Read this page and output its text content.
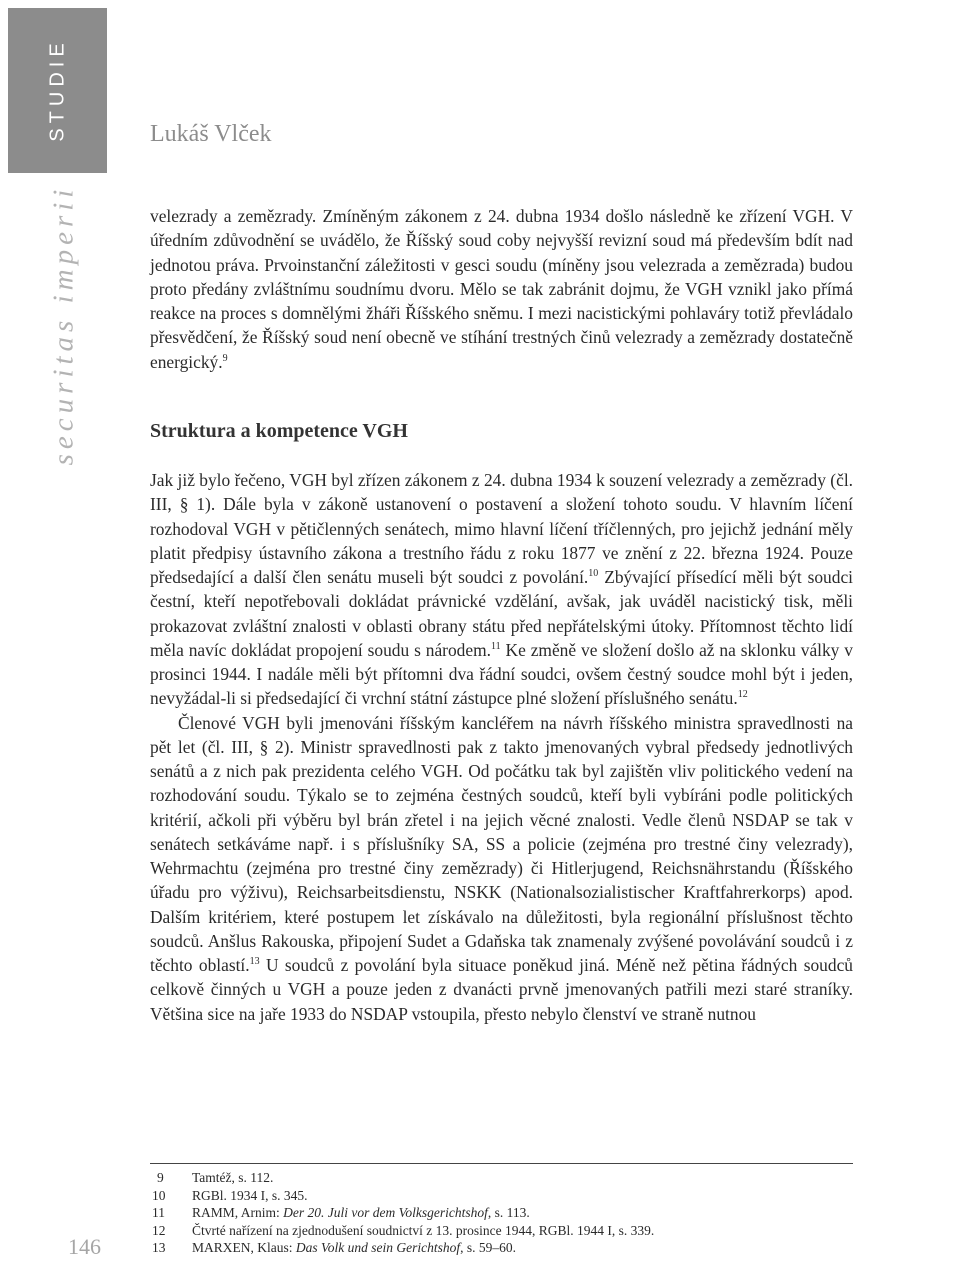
STUDIE
securitas imperii
146
Lukáš Vlček

velezrady a zemězrady. Zmíněným zákonem z 24. dubna 1934 došlo následně ke zřízení VGH. V úředním zdůvodnění se uvádělo, že Říšský soud coby nejvyšší revizní soud má především bdít nad jednotou práva. Prvoinstanční záležitosti v gesci soudu (míněny jsou velezrada a zemězrada) budou proto předány zvláštnímu soudnímu dvoru. Mělo se tak zabránit dojmu, že VGH vznikl jako přímá reakce na proces s domnělými žháři Říšského sněmu. I mezi nacistickými pohlaváry totiž převládalo přesvědčení, že Říšský soud není obecně ve stíhání trestných činů velezrady a zemězrady dostatečně energický.$^9$

Struktura a kompetence VGH

Jak již bylo řečeno, VGH byl zřízen zákonem z 24. dubna 1934 k souzení velezrady a zemězrady (čl. III, § 1). Dále byla v zákoně ustanovení o postavení a složení tohoto soudu. V hlavním líčení rozhodoval VGH v pětičlenných senátech, mimo hlavní líčení tříčlenných, pro jejichž jednání měly platit předpisy ústavního zákona a trestního řádu z roku 1877 ve znění z 22. března 1924. Pouze předsedající a další člen senátu museli být soudci z povolání.$^{10}$ Zbývající přísedící měli být soudci čestní, kteří nepotřebovali dokládat právnické vzdělání, avšak, jak uváděl nacistický tisk, měli prokazovat zvláštní znalosti v oblasti obrany státu před nepřátelskými útoky. Přítomnost těchto lidí měla navíc dokládat propojení soudu s národem.$^{11}$ Ke změně ve složení došlo až na sklonku války v prosinci 1944. I nadále měli být přítomni dva řádní soudci, ovšem čestný soudce mohl být i jeden, nevyžádal-li si předsedající či vrchní státní zástupce plné složení příslušného senátu.$^{12}$

Členové VGH byli jmenováni říšským kancléřem na návrh říšského ministra spravedlnosti na pět let (čl. III, § 2). Ministr spravedlnosti pak z takto jmenovaných vybral předsedy jednotlivých senátů a z nich pak prezidenta celého VGH. Od počátku tak byl zajištěn vliv politického vedení na rozhodování soudu. Týkalo se to zejména čestných soudců, kteří byli vybíráni podle politických kritérií, ačkoli při výběru byl brán zřetel i na jejich věcné znalosti. Vedle členů NSDAP se tak v senátech setkáváme např. i s příslušníky SA, SS a policie (zejména pro trestné činy velezrady), Wehrmachtu (zejména pro trestné činy zemězrady) či Hitlerjugend, Reichsnährstandu (Říšského úřadu pro výživu), Reichsarbeitsdienstu, NSKK (Nationalsozialistischer Kraftfahrerkorps) apod. Dalším kritériem, které postupem let získávalo na důležitosti, byla regionální příslušnost těchto soudců. Anšlus Rakouska, připojení Sudet a Gdaňska tak znamenaly zvýšené povolávání soudců i z těchto oblastí.$^{13}$ U soudců z povolání byla situace poněkud jiná. Méně než pětina řádných soudců celkově činných u VGH a pouze jeden z dvanácti prvně jmenovaných patřili mezi staré straníky. Většina sice na jaře 1933 do NSDAP vstoupila, přesto nebylo členství ve straně nutnou

9	Tamtéž, s. 112.
10	RGBl. 1934 I, s. 345.
11	RAMM, Arnim: Der 20. Juli vor dem Volksgerichtshof, s. 113.
12	Čtvrté nařízení na zjednodušení soudnictví z 13. prosince 1944, RGBl. 1944 I, s. 339.
13	MARXEN, Klaus: Das Volk und sein Gerichtshof, s. 59–60.
